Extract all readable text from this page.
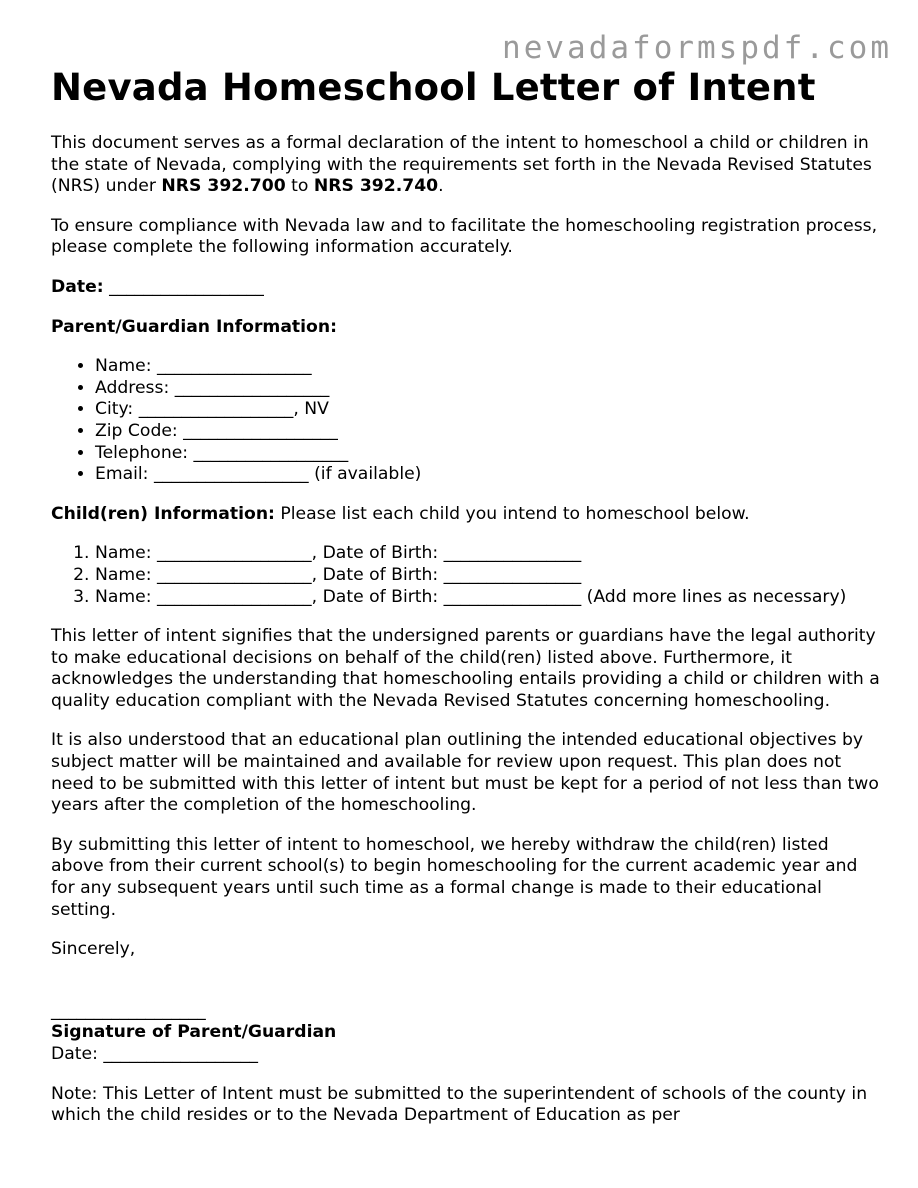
nevadaformspdf.com
Nevada Homeschool Letter of Intent

This document serves as a formal declaration of the intent to homeschool a child or children in the state of Nevada, complying with the requirements set forth in the Nevada Revised Statutes (NRS) under NRS 392.700 to NRS 392.740.

To ensure compliance with Nevada law and to facilitate the homeschooling registration process, please complete the following information accurately.

Date: __________________

Parent/Guardian Information:

• Name: __________________
• Address: __________________
• City: __________________, NV
• Zip Code: __________________
• Telephone: __________________
• Email: __________________ (if available)

Child(ren) Information: Please list each child you intend to homeschool below.

1. Name: __________________, Date of Birth: ________________
2. Name: __________________, Date of Birth: ________________
3. Name: __________________, Date of Birth: ________________ (Add more lines as necessary)

This letter of intent signifies that the undersigned parents or guardians have the legal authority to make educational decisions on behalf of the child(ren) listed above. Furthermore, it acknowledges the understanding that homeschooling entails providing a child or children with a quality education compliant with the Nevada Revised Statutes concerning homeschooling.

It is also understood that an educational plan outlining the intended educational objectives by subject matter will be maintained and available for review upon request. This plan does not need to be submitted with this letter of intent but must be kept for a period of not less than two years after the completion of the homeschooling.

By submitting this letter of intent to homeschool, we hereby withdraw the child(ren) listed above from their current school(s) to begin homeschooling for the current academic year and for any subsequent years until such time as a formal change is made to their educational setting.

Sincerely,

__________________
Signature of Parent/Guardian
Date: __________________

Note: This Letter of Intent must be submitted to the superintendent of schools of the county in which the child resides or to the Nevada Department of Education as per
